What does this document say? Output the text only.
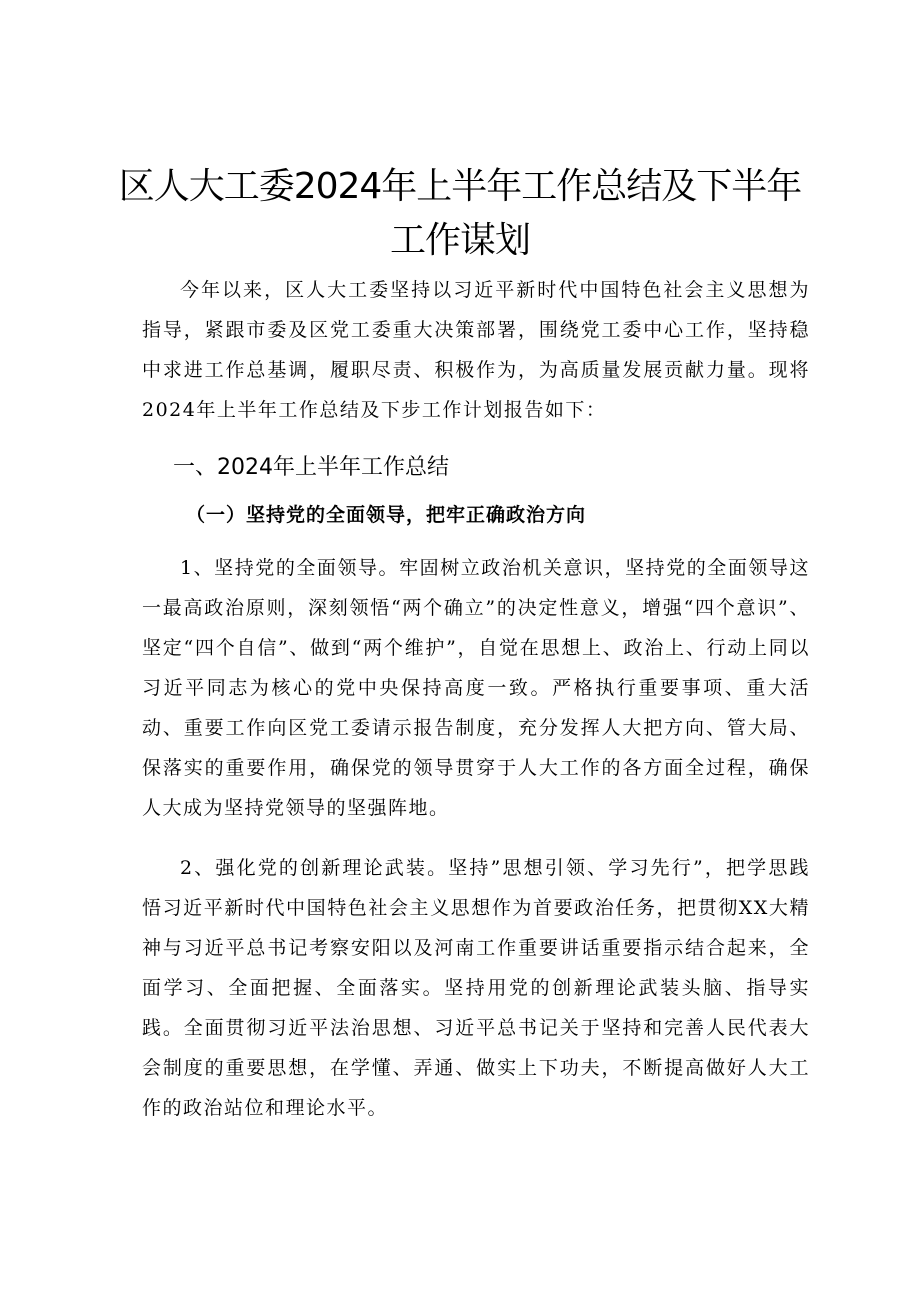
区人大工委2024年上半年工作总结及下半年
工作谋划

今年以来，区人大工委坚持以习近平新时代中国特色社会主义思想为指导，紧跟市委及区党工委重大决策部署，围绕党工委中心工作，坚持稳中求进工作总基调，履职尽责、积极作为，为高质量发展贡献力量。现将2024年上半年工作总结及下步工作计划报告如下：

一、2024年上半年工作总结
（一）坚持党的全面领导，把牢正确政治方向

1、坚持党的全面领导。牢固树立政治机关意识，坚持党的全面领导这一最高政治原则，深刻领悟“两个确立”的决定性意义，增强“四个意识”、坚定“四个自信”、做到“两个维护”，自觉在思想上、政治上、行动上同以习近平同志为核心的党中央保持高度一致。严格执行重要事项、重大活动、重要工作向区党工委请示报告制度，充分发挥人大把方向、管大局、保落实的重要作用，确保党的领导贯穿于人大工作的各方面全过程，确保人大成为坚持党领导的坚强阵地。

2、强化党的创新理论武装。坚持”思想引领、学习先行”，把学思践悟习近平新时代中国特色社会主义思想作为首要政治任务，把贯彻XX大精神与习近平总书记考察安阳以及河南工作重要讲话重要指示结合起来，全面学习、全面把握、全面落实。坚持用党的创新理论武装头脑、指导实践。全面贯彻习近平法治思想、习近平总书记关于坚持和完善人民代表大会制度的重要思想，在学懂、弄通、做实上下功夫，不断提高做好人大工作的政治站位和理论水平。
